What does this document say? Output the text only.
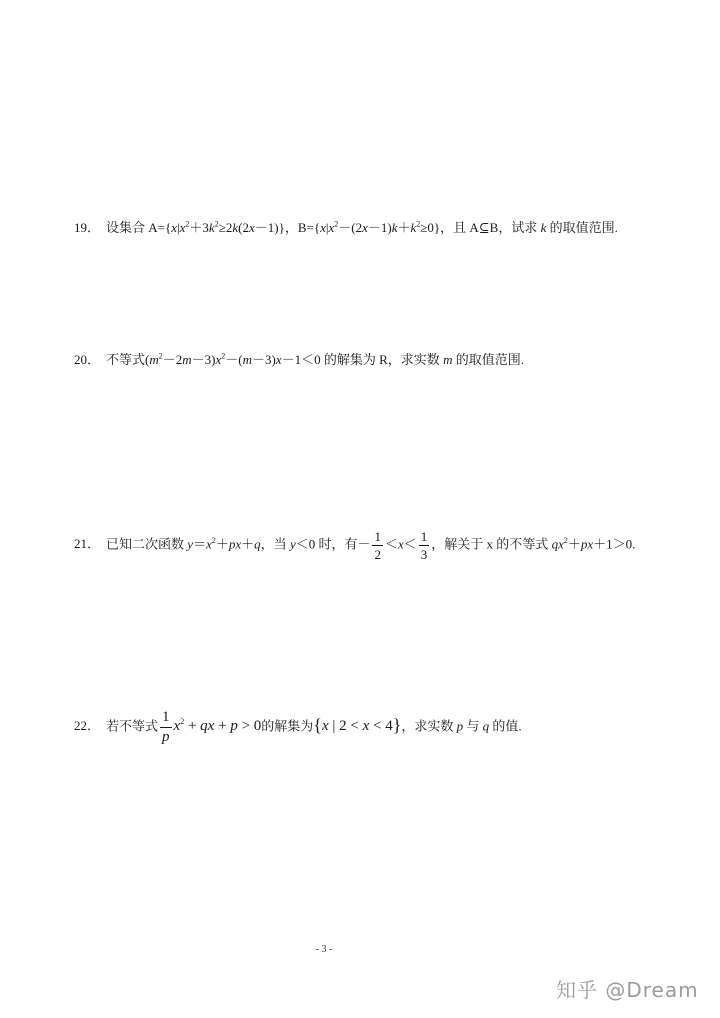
19． 设集合 $A=\{x|x^2+3k^2\ge 2k(2x-1)\}$，$B=\{x|x^2-(2x-1)k+k^2\ge 0\}$，且 A⊆B，试求 k 的取值范围.
20． 不等式$(m^2-2m-3)x^2-(m-3)x-1<0$ 的解集为 R，求实数 m 的取值范围.
21． 已知二次函数 $y=x^2+px+q$，当 y＜0 时，有－ $\frac{1}{2} <x< \frac{1}{3}$ ，解关于 x 的不等式 $qx^2+px+1>0$.
22． 若不等式 $\frac{1}{p} x^2$ + qx + p > 0的解集为{x | 2 < x < 4}，求实数 p 与 q 的值.
- 3 -
知乎 @Dream
